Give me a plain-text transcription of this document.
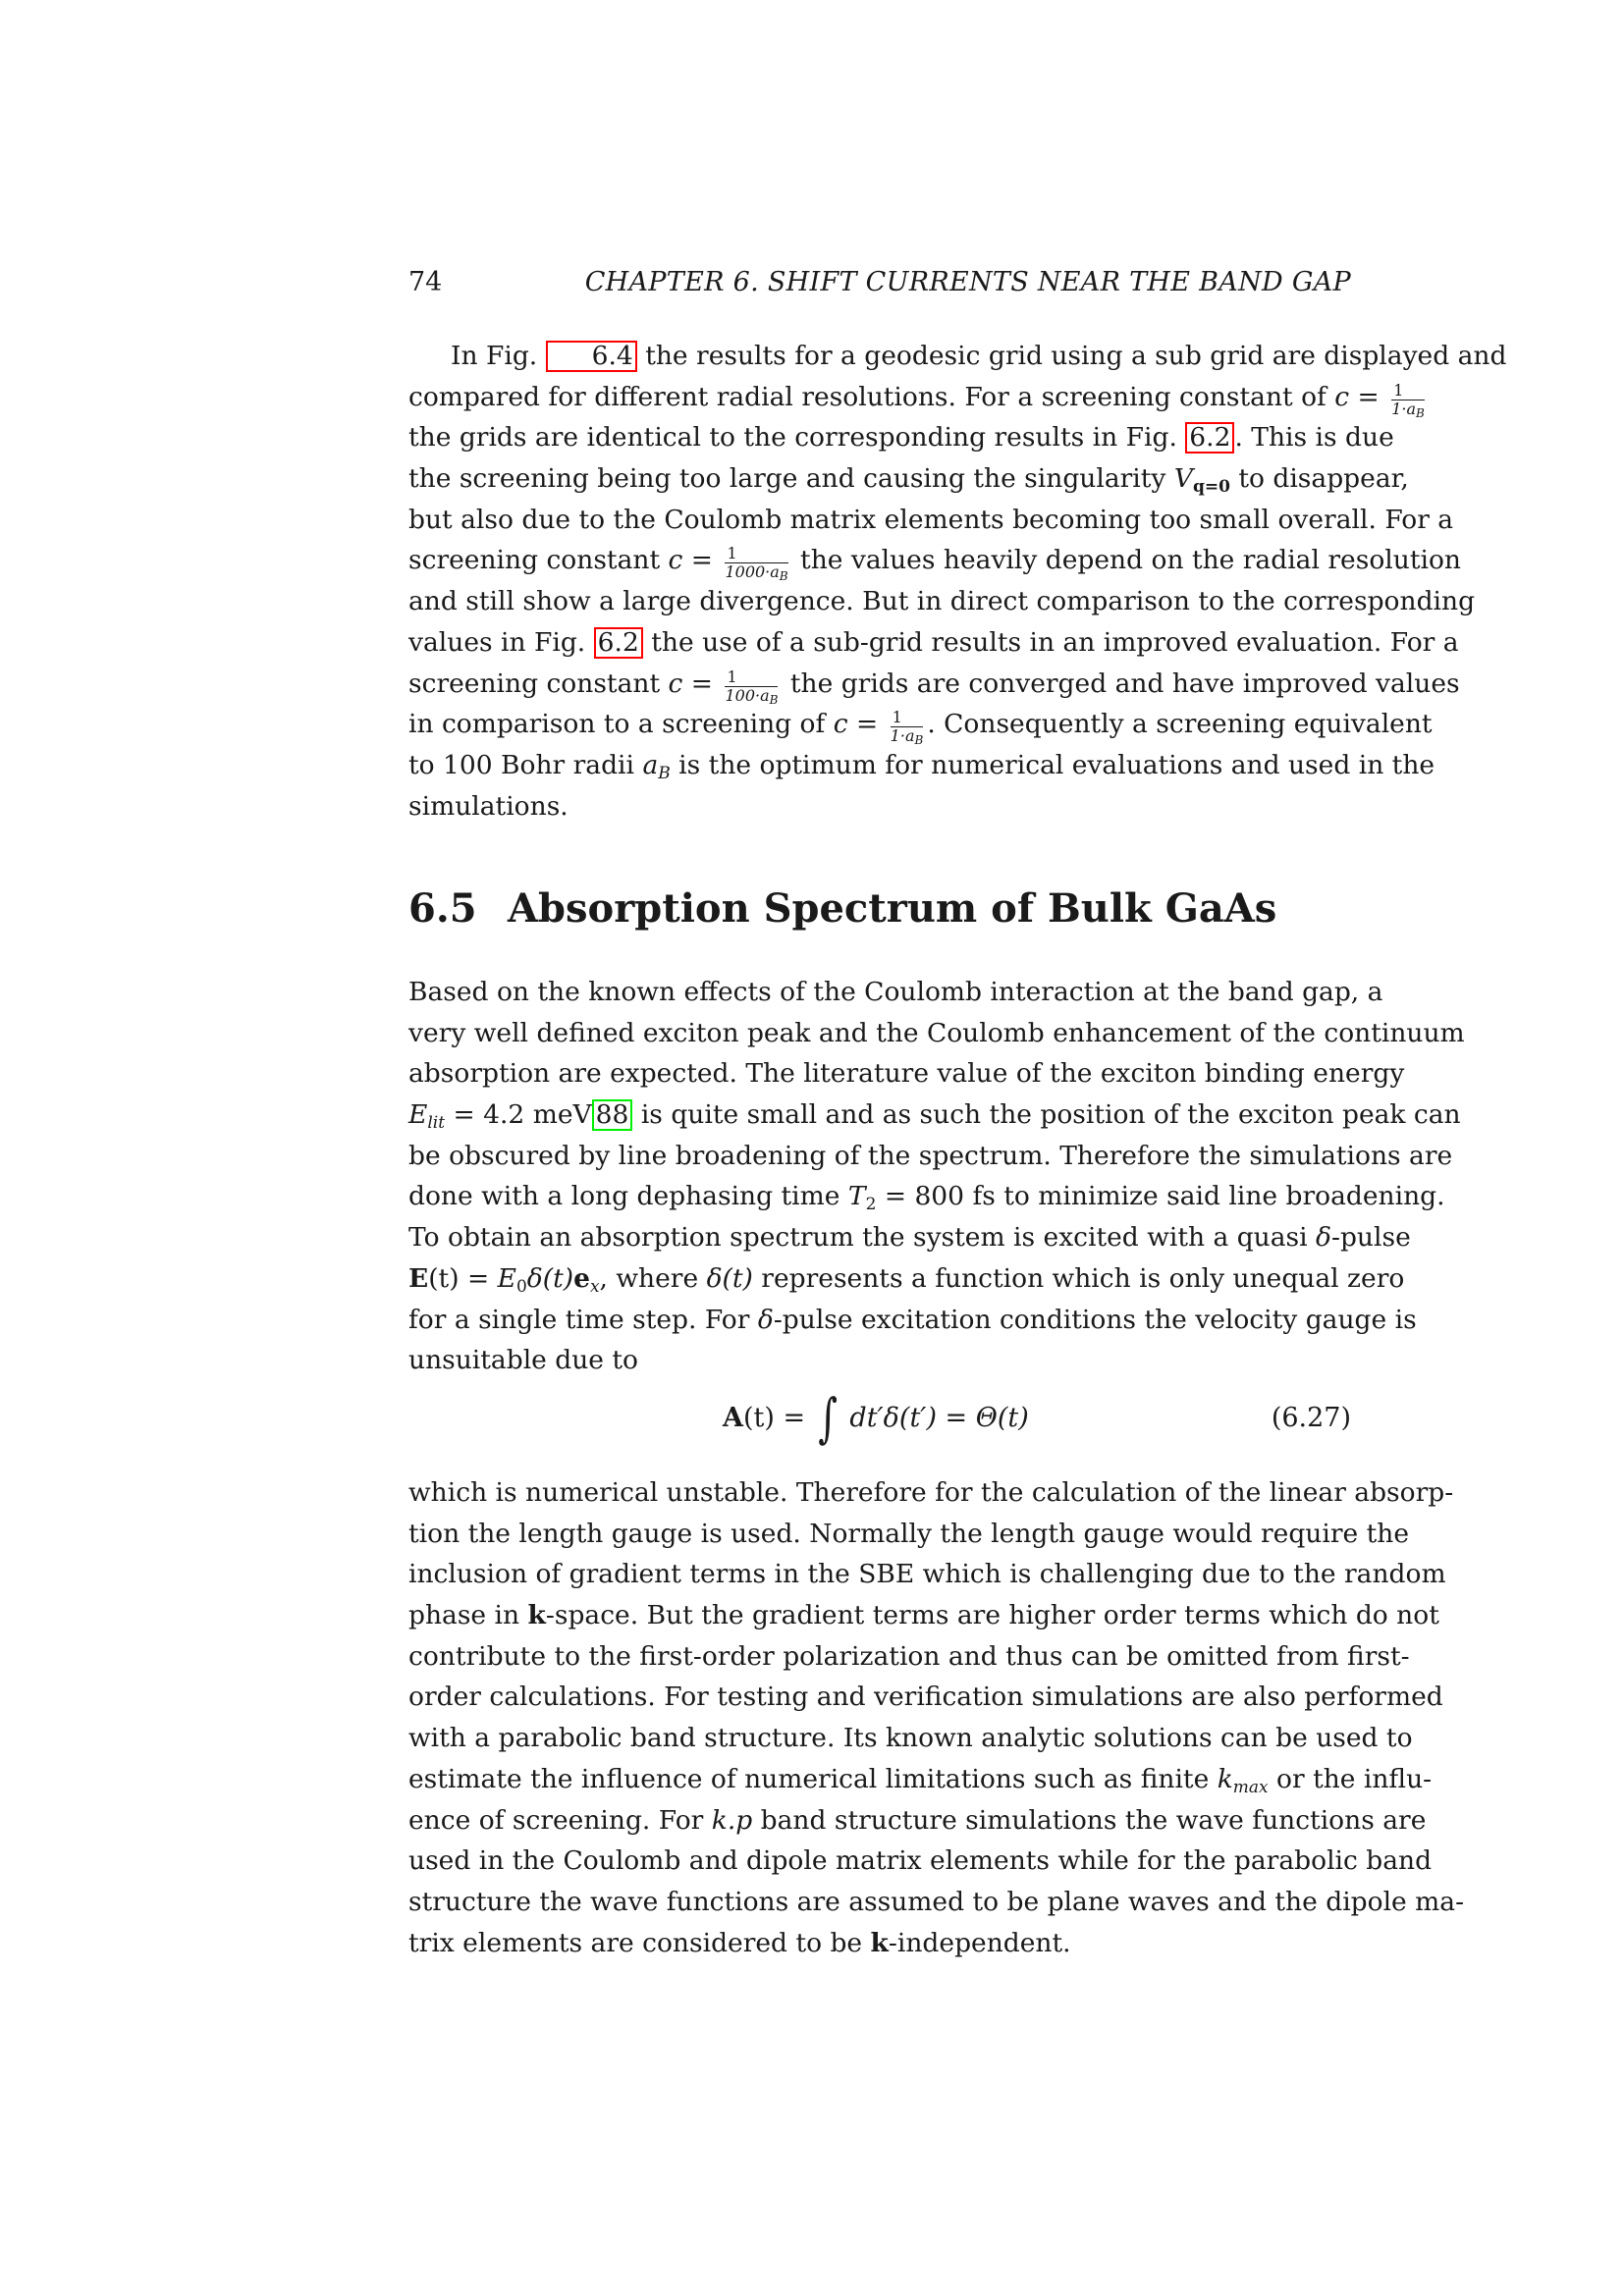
74	CHAPTER 6. SHIFT CURRENTS NEAR THE BAND GAP
In Fig. 6.4 the results for a geodesic grid using a sub grid are displayed and
compared for different radial resolutions. For a screening constant of $c = \frac{1}{1\cdot aB}$
the grids are identical to the corresponding results in Fig. 6.2 . This is due
the screening being too large and causing the singularity $V_{q=0}$ to disappear,
but also due to the Coulomb matrix elements becoming too small overall. For a
screening constant $c = \frac{1}{1000\cdot aB}$ the values heavily depend on the radial resolution
and still show a large divergence. But in direct comparison to the corresponding
values in Fig. 6.2 the use of a sub-grid results in an improved evaluation. For a
screening constant $c = \frac{1}{100\cdot aB}$ the grids are converged and have improved values
in comparison to a screening of $c = \frac{1}{1\cdot aB}$ . Consequently a screening equivalent
to 100 Bohr radii $a_B$ is the optimum for numerical evaluations and used in the
simulations.
6.5 Absorption Spectrum of Bulk GaAs
Based on the known effects of the Coulomb interaction at the band gap, a
very well defined exciton peak and the Coulomb enhancement of the continuum
absorption are expected. The literature value of the exciton binding energy
$E_{lit} = 4.2$ meV 88 is quite small and as such the position of the exciton peak can
be obscured by line broadening of the spectrum. Therefore the simulations are
done with a long dephasing time $T_2 = 800$ fs to minimize said line broadening.
To obtain an absorption spectrum the system is excited with a quasi δ-pulse
$E(t) = E_0\delta(t)e_x$, where δ(t) represents a function which is only unequal zero
for a single time step. For δ-pulse excitation conditions the velocity gauge is
unsuitable due to
A(t) = ∫ dt′δ(t′) = Θ(t)	(6.27)
which is numerical unstable. Therefore for the calculation of the linear absorp-
tion the length gauge is used. Normally the length gauge would require the
inclusion of gradient terms in the SBE which is challenging due to the random
phase in k-space. But the gradient terms are higher order terms which do not
contribute to the first-order polarization and thus can be omitted from first-
order calculations. For testing and verification simulations are also performed
with a parabolic band structure. Its known analytic solutions can be used to
estimate the influence of numerical limitations such as finite $k_{max}$ or the influ-
ence of screening. For k.p band structure simulations the wave functions are
used in the Coulomb and dipole matrix elements while for the parabolic band
structure the wave functions are assumed to be plane waves and the dipole ma-
trix elements are considered to be k-independent.
